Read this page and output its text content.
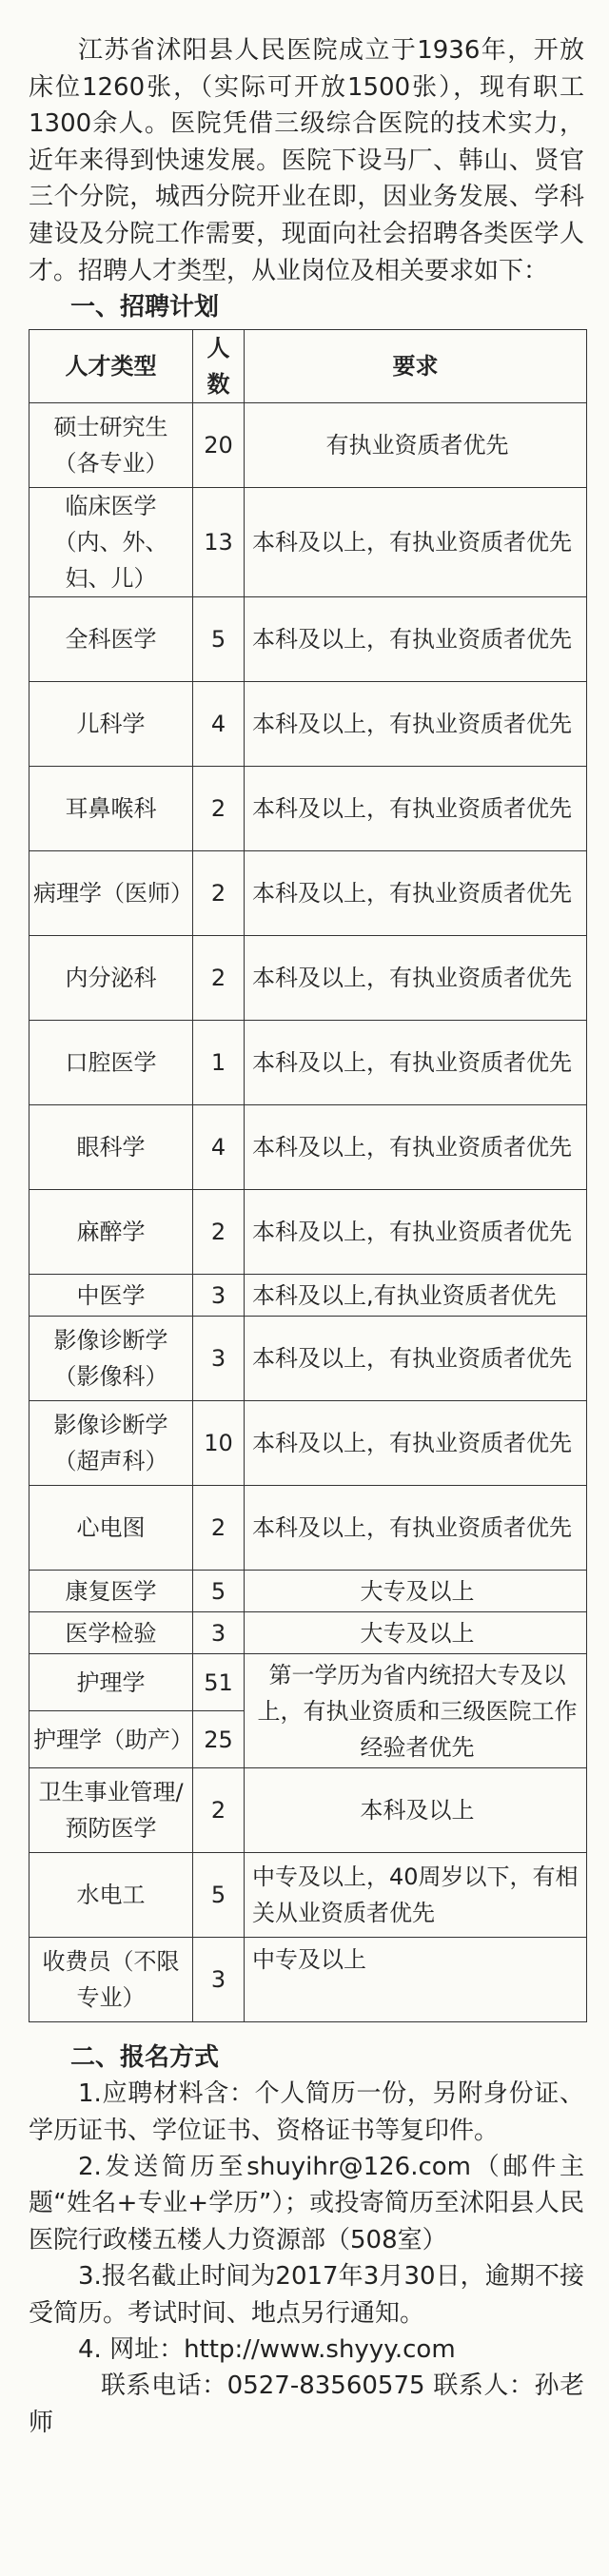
江苏省沭阳县人民医院成立于1936年，开放床位1260张，（实际可开放1500张），现有职工1300余人。医院凭借三级综合医院的技术实力，近年来得到快速发展。医院下设马厂、韩山、贤官三个分院，城西分院开业在即，因业务发展、学科建设及分院工作需要，现面向社会招聘各类医学人才。招聘人才类型，从业岗位及相关要求如下：

一、招聘计划

人才类型	人数	要求
硕士研究生（各专业）	20	有执业资质者优先
临床医学（内、外、妇、儿）	13	本科及以上，有执业资质者优先
全科医学	5	本科及以上，有执业资质者优先
儿科学	4	本科及以上，有执业资质者优先
耳鼻喉科	2	本科及以上，有执业资质者优先
病理学（医师）	2	本科及以上，有执业资质者优先
内分泌科	2	本科及以上，有执业资质者优先
口腔医学	1	本科及以上，有执业资质者优先
眼科学	4	本科及以上，有执业资质者优先
麻醉学	2	本科及以上，有执业资质者优先
中医学	3	本科及以上,有执业资质者优先
影像诊断学（影像科）	3	本科及以上，有执业资质者优先
影像诊断学（超声科）	10	本科及以上，有执业资质者优先
心电图	2	本科及以上，有执业资质者优先
康复医学	5	大专及以上
医学检验	3	大专及以上
护理学	51	第一学历为省内统招大专及以上，有执业资质和三级医院工作经验者优先
护理学（助产）	25	
卫生事业管理/预防医学	2	本科及以上
水电工	5	中专及以上，40周岁以下，有相关从业资质者优先
收费员（不限专业）	3	中专及以上

二、报名方式

1.应聘材料含：个人简历一份，另附身份证、学历证书、学位证书、资格证书等复印件。

2.发送简历至shuyihr@126.com（邮件主题“姓名+专业+学历”）；或投寄简历至沭阳县人民医院行政楼五楼人力资源部（508室）

3.报名截止时间为2017年3月30日，逾期不接受简历。考试时间、地点另行通知。

4. 网址：http://www.shyyy.com

联系电话：0527-83560575 联系人：孙老师
